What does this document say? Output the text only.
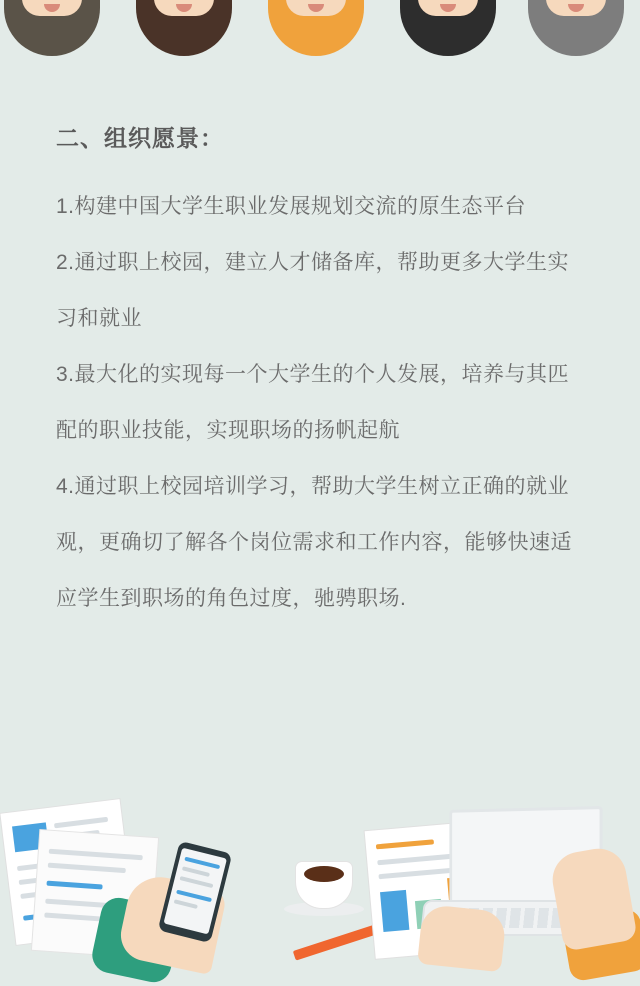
二、组织愿景：

1.构建中国大学生职业发展规划交流的原生态平台

2.通过职上校园，建立人才储备库，帮助更多大学生实习和就业

3.最大化的实现每一个大学生的个人发展，培养与其匹配的职业技能，实现职场的扬帆起航

4.通过职上校园培训学习，帮助大学生树立正确的就业观，更确切了解各个岗位需求和工作内容，能够快速适应学生到职场的角色过度，驰骋职场.
